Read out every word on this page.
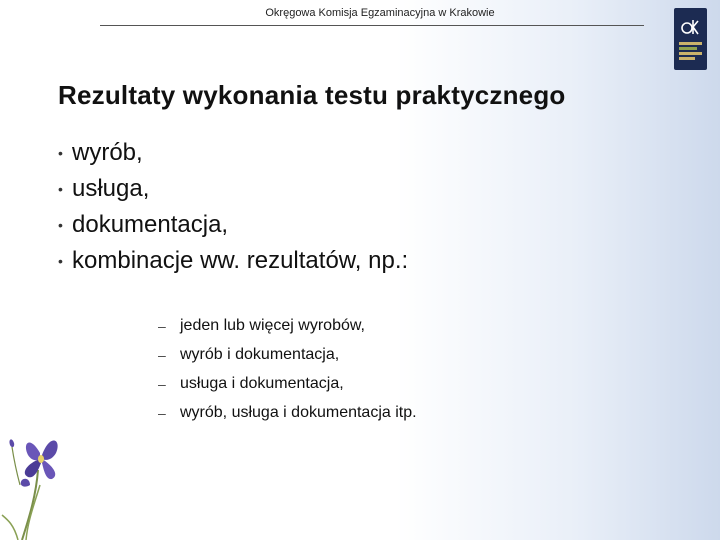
Okręgowa Komisja Egzaminacyjna w Krakowie
Rezultaty wykonania testu praktycznego
• wyrób,
• usługa,
• dokumentacja,
• kombinacje ww. rezultatów, np.:
– jeden lub więcej wyrobów,
– wyrób i dokumentacja,
– usługa i dokumentacja,
– wyrób, usługa i dokumentacja itp.
